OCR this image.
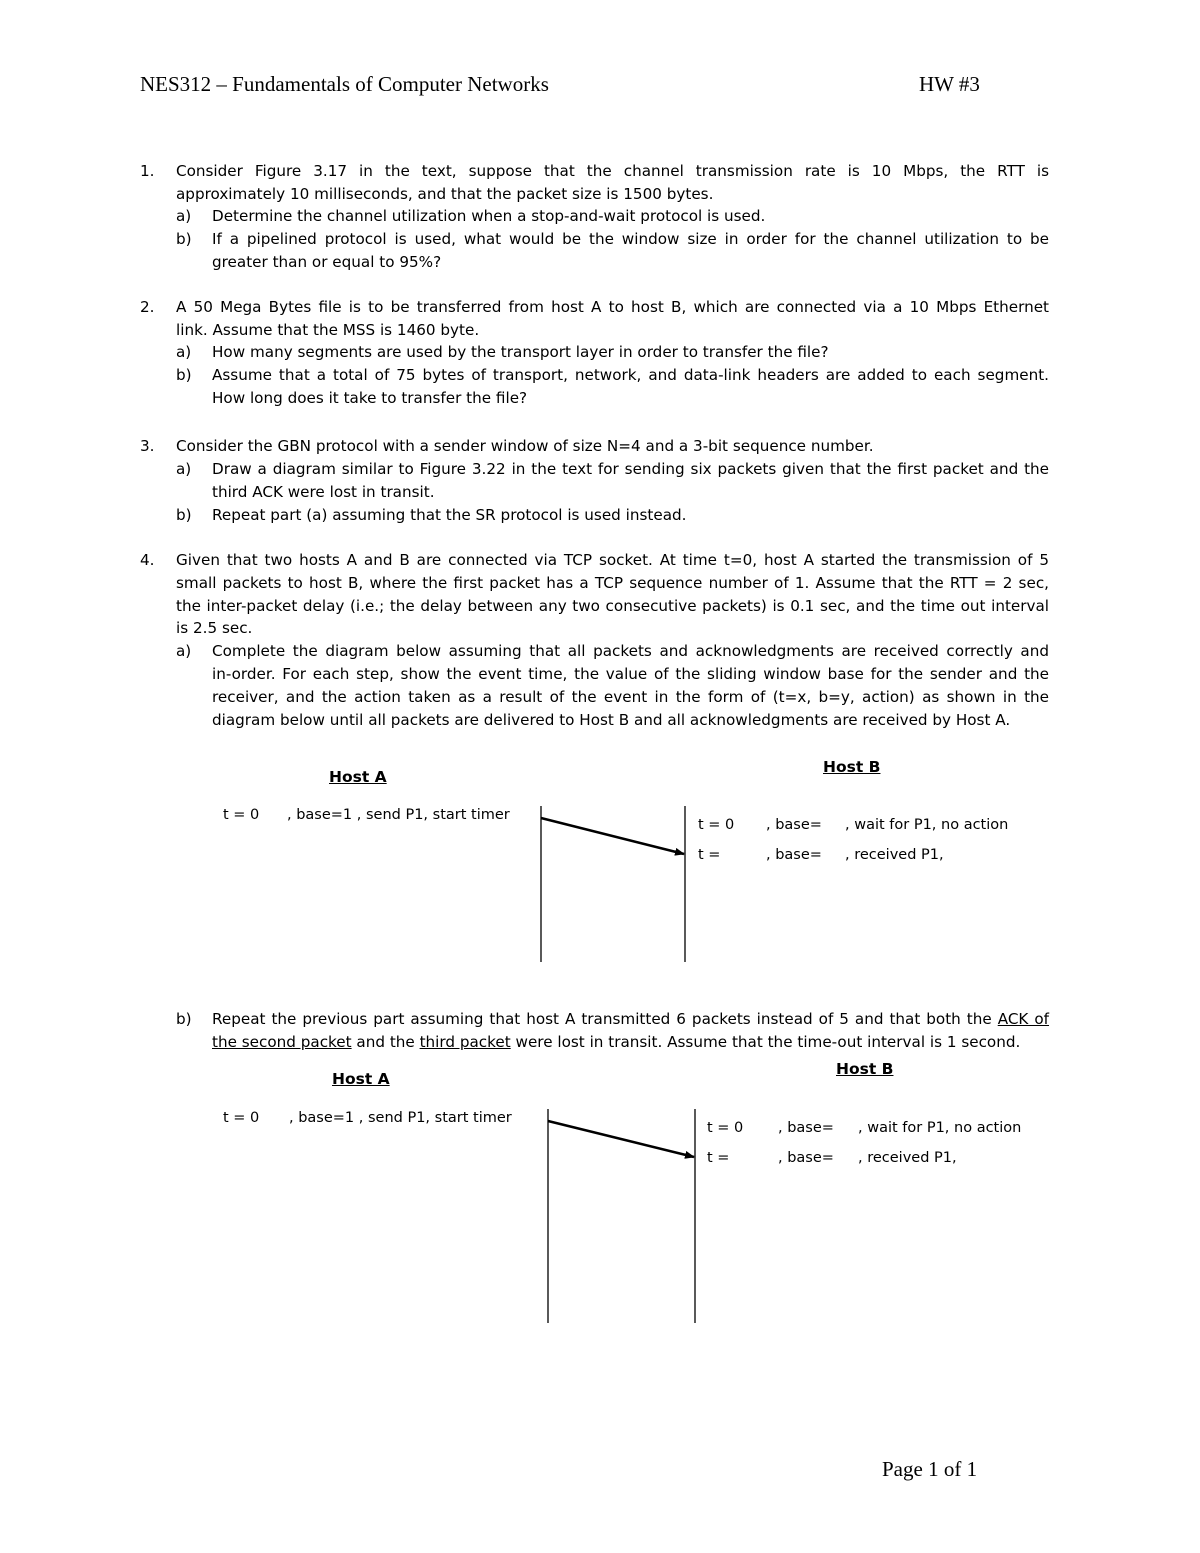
NES312 – Fundamentals of Computer Networks	HW #3
1. Consider Figure 3.17 in the text, suppose that the channel transmission rate is 10 Mbps, the RTT is
approximately 10 milliseconds, and that the packet size is 1500 bytes.
a) Determine the channel utilization when a stop-and-wait protocol is used.
b) If a pipelined protocol is used, what would be the window size in order for the channel utilization to be
greater than or equal to 95%?
2. A 50 Mega Bytes file is to be transferred from host A to host B, which are connected via a 10 Mbps Ethernet
link. Assume that the MSS is 1460 byte.
a) How many segments are used by the transport layer in order to transfer the file?
b) Assume that a total of 75 bytes of transport, network, and data-link headers are added to each segment.
How long does it take to transfer the file?
3. Consider the GBN protocol with a sender window of size N=4 and a 3-bit sequence number.
a) Draw a diagram similar to Figure 3.22 in the text for sending six packets given that the first packet and the
third ACK were lost in transit.
b) Repeat part (a) assuming that the SR protocol is used instead.
4. Given that two hosts A and B are connected via TCP socket. At time t=0, host A started the transmission of 5
small packets to host B, where the first packet has a TCP sequence number of 1. Assume that the RTT = 2 sec,
the inter-packet delay (i.e.; the delay between any two consecutive packets) is 0.1 sec, and the time out interval
is 2.5 sec.
a) Complete the diagram below assuming that all packets and acknowledgments are received correctly and
in-order. For each step, show the event time, the value of the sliding window base for the sender and the
receiver, and the action taken as a result of the event in the form of (t=x, b=y, action) as shown in the
diagram below until all packets are delivered to Host B and all acknowledgments are received by Host A.
b) Repeat the previous part assuming that host A transmitted 6 packets instead of 5 and that both the ACK of
the second packet and the third packet were lost in transit. Assume that the time-out interval is 1 second.
Host A
Host B
t = 0 , base=1 , send P1, start timer
t = 0 , base= , wait for P1, no action
t =	, base= , received P1,
Host A
Host B
t = 0 , base=1 , send P1, start timer
t = 0 , base= , wait for P1, no action
t =	, base= , received P1,
Page 1 of 1
